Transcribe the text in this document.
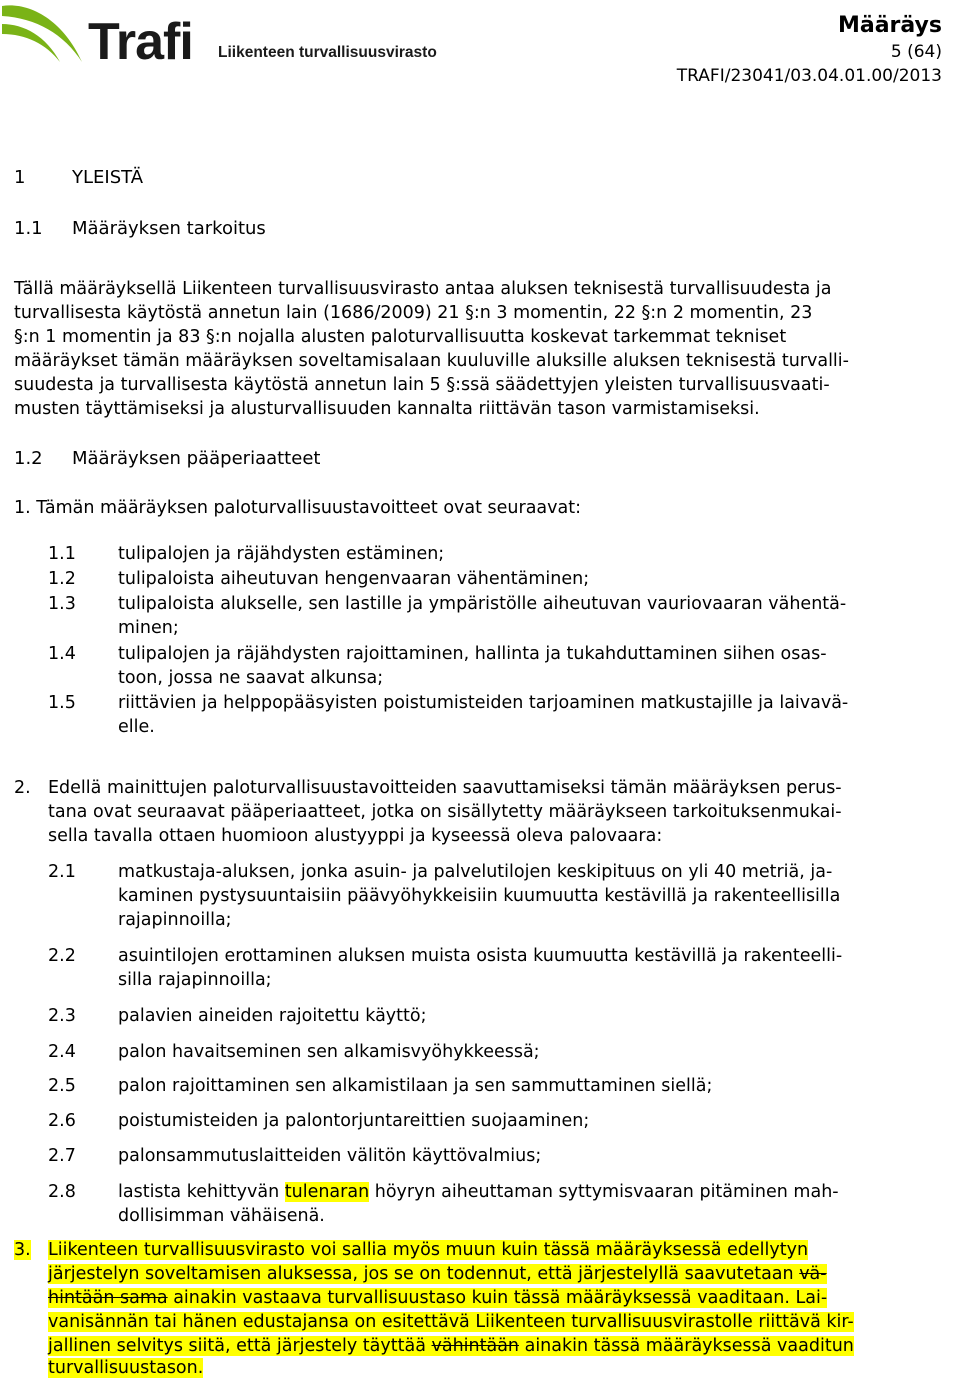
Trafi Liikenteen turvallisuusvirasto
Määräys
5 (64)
TRAFI/23041/03.04.01.00/2013
1	YLEISTÄ
1.1 Määräyksen tarkoitus
Tällä määräyksellä Liikenteen turvallisuusvirasto antaa aluksen teknisestä turvallisuudesta ja
turvallisesta käytöstä annetun lain (1686/2009) 21 §:n 3 momentin, 22 §:n 2 momentin, 23
§:n 1 momentin ja 83 §:n nojalla alusten paloturvallisuutta koskevat tarkemmat tekniset
määräykset tämän määräyksen soveltamisalaan kuuluville aluksille aluksen teknisestä turvalli-
suudesta ja turvallisesta käytöstä annetun lain 5 §:ssä säädettyjen yleisten turvallisuusvaati-
musten täyttämiseksi ja alusturvallisuuden kannalta riittävän tason varmistamiseksi.
1.2 Määräyksen pääperiaatteet
1. Tämän määräyksen paloturvallisuustavoitteet ovat seuraavat:
1.1 tulipalojen ja räjähdysten estäminen;
1.2 tulipaloista aiheutuvan hengenvaaran vähentäminen;
1.3 tulipaloista alukselle, sen lastille ja ympäristölle aiheutuvan vauriovaaran vähentä-
minen;
1.4 tulipalojen ja räjähdysten rajoittaminen, hallinta ja tukahduttaminen siihen osas-
toon, jossa ne saavat alkunsa;
1.5 riittävien ja helppopääsyisten poistumisteiden tarjoaminen matkustajille ja laivavä-
elle.
2. Edellä mainittujen paloturvallisuustavoitteiden saavuttamiseksi tämän määräyksen perus-
tana ovat seuraavat pääperiaatteet, jotka on sisällytetty määräykseen tarkoituksenmukai-
sella tavalla ottaen huomioon alustyyppi ja kyseessä oleva palovaara:
2.1 matkustaja-aluksen, jonka asuin- ja palvelutilojen keskipituus on yli 40 metriä, ja-
kaminen pystysuuntaisiin päävyöhykkeisiin kuumuutta kestävillä ja rakenteellisilla
rajapinnoilla;
2.2 asuintilojen erottaminen aluksen muista osista kuumuutta kestävillä ja rakenteelli-
silla rajapinnoilla;
2.3 palavien aineiden rajoitettu käyttö;
2.4 palon havaitseminen sen alkamisvyöhykkeessä;
2.5 palon rajoittaminen sen alkamistilaan ja sen sammuttaminen siellä;
2.6 poistumisteiden ja palontorjuntareittien suojaaminen;
2.7 palonsammutuslaitteiden välitön käyttövalmius;
2.8 lastista kehittyvän tulenaran höyryn aiheuttaman syttymisvaaran pitäminen mah-
dollisimman vähäisenä.
3. Liikenteen turvallisuusvirasto voi sallia myös muun kuin tässä määräyksessä edellytyn
järjestelyn soveltamisen aluksessa, jos se on todennut, että järjestelyllä saavutetaan vä-
hintään sama ainakin vastaava turvallisuustaso kuin tässä määräyksessä vaaditaan. Lai-
vanisännän tai hänen edustajansa on esitettävä Liikenteen turvallisuusvirastolle riittävä kir-
jallinen selvitys siitä, että järjestely täyttää vähintään ainakin tässä määräyksessä vaaditun
turvallisuustason.
